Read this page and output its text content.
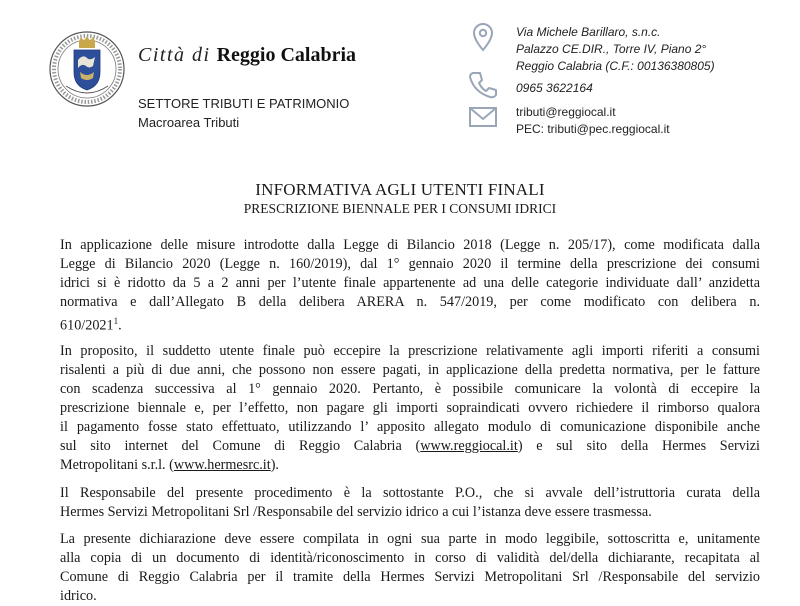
Città di Reggio Calabria
SETTORE TRIBUTI E PATRIMONIO
Macroarea Tributi
Via Michele Barillaro, s.n.c.
Palazzo CE.DIR., Torre IV, Piano 2°
Reggio Calabria (C.F.: 00136380805)
0965 3622164
tributi@reggiocal.it
PEC: tributi@pec.reggiocal.it
INFORMATIVA AGLI UTENTI FINALI
PRESCRIZIONE BIENNALE PER I CONSUMI IDRICI
In applicazione delle misure introdotte dalla Legge di Bilancio 2018 (Legge n. 205/17), come modificata dalla
Legge di Bilancio 2020 (Legge n. 160/2019), dal 1° gennaio 2020 il termine della prescrizione dei consumi
idrici si è ridotto da 5 a 2 anni per l’utente finale appartenente ad una delle categorie individuate dall’ anzidetta
normativa e dall’Allegato B della delibera ARERA n. 547/2019, per come modificato con delibera n.
610/2021$^1$.
In proposito, il suddetto utente finale può eccepire la prescrizione relativamente agli importi riferiti a consumi
risalenti a più di due anni, che possono non essere pagati, in applicazione della predetta normativa, per le fatture
con scadenza successiva al 1° gennaio 2020. Pertanto, è possibile comunicare la volontà di eccepire la
prescrizione biennale e, per l’effetto, non pagare gli importi sopraindicati ovvero richiedere il rimborso qualora
il pagamento fosse stato effettuato, utilizzando l’ apposito allegato modulo di comunicazione disponibile anche
sul sito internet del Comune di Reggio Calabria (www.reggiocal.it) e sul sito della Hermes Servizi
Metropolitani s.r.l. (www.hermesrc.it).
Il Responsabile del presente procedimento è la sottostante P.O., che si avvale dell’istruttoria curata della
Hermes Servizi Metropolitani Srl /Responsabile del servizio idrico a cui l’istanza deve essere trasmessa.
La presente dichiarazione deve essere compilata in ogni sua parte in modo leggibile, sottoscritta e, unitamente
alla copia di un documento di identità/riconoscimento in corso di validità del/della dichiarante, recapitata al
Comune di Reggio Calabria per il tramite della Hermes Servizi Metropolitani Srl /Responsabile del servizio
idrico.
